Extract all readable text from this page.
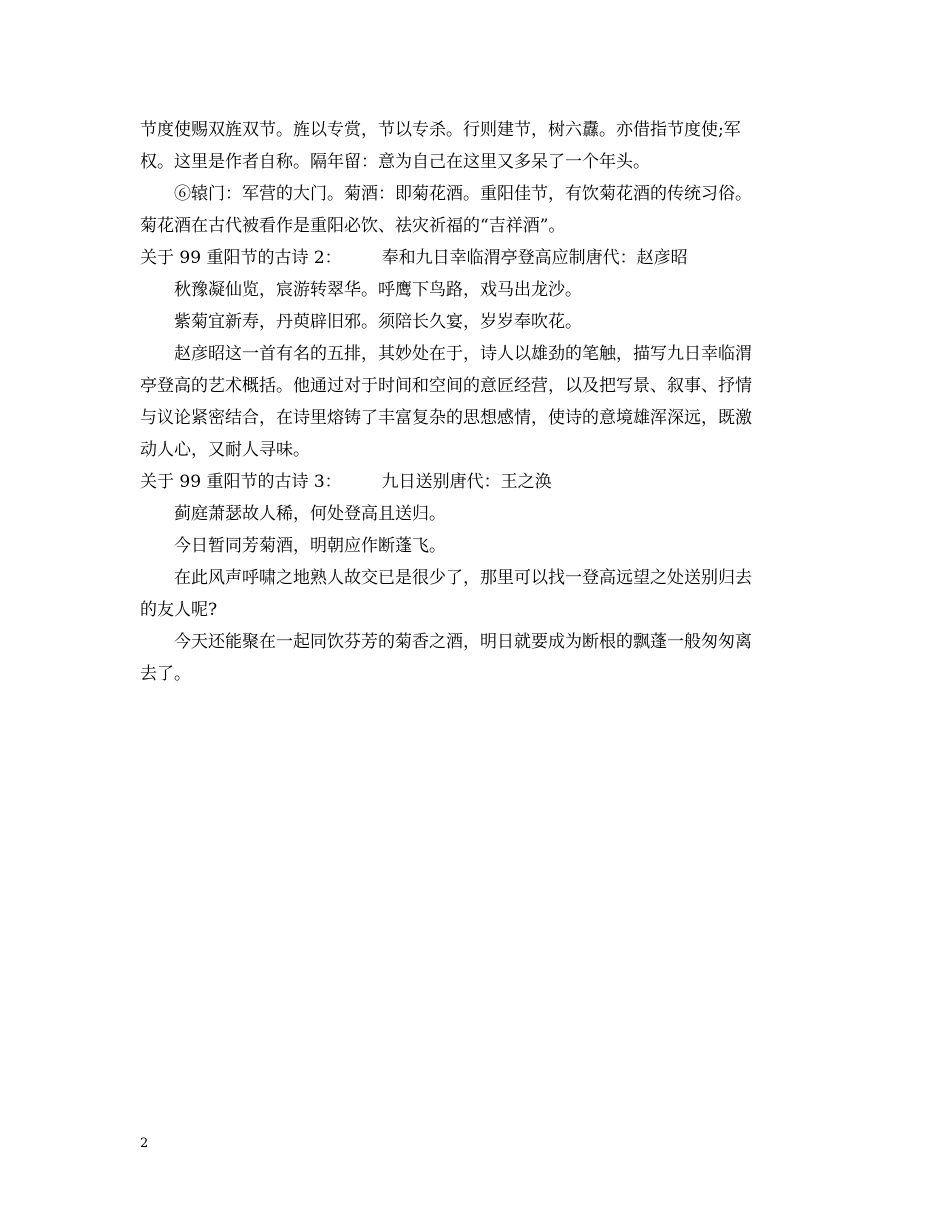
节度使赐双旌双节。旌以专赏，节以专杀。行则建节，树六纛。亦借指节度使;军
权。这里是作者自称。隔年留：意为自己在这里又多呆了一个年头。
⑥辕门：军营的大门。菊酒：即菊花酒。重阳佳节，有饮菊花酒的传统习俗。
菊花酒在古代被看作是重阳必饮、祛灾祈福的“吉祥酒”。
关于 99 重阳节的古诗 2： 奉和九日幸临渭亭登高应制唐代：赵彦昭
秋豫凝仙览，宸游转翠华。呼鹰下鸟路，戏马出龙沙。
紫菊宜新寿，丹萸辟旧邪。须陪长久宴，岁岁奉吹花。
赵彦昭这一首有名的五排，其妙处在于，诗人以雄劲的笔触，描写九日幸临渭
亭登高的艺术概括。他通过对于时间和空间的意匠经营，以及把写景、叙事、抒情
与议论紧密结合，在诗里熔铸了丰富复杂的思想感情，使诗的意境雄浑深远，既激
动人心，又耐人寻味。
关于 99 重阳节的古诗 3： 九日送别唐代：王之涣
蓟庭萧瑟故人稀，何处登高且送归。
今日暂同芳菊酒，明朝应作断蓬飞。
在此风声呼啸之地熟人故交已是很少了，那里可以找一登高远望之处送别归去
的友人呢?
今天还能聚在一起同饮芬芳的菊香之酒，明日就要成为断根的飘蓬一般匆匆离
去了。
2
